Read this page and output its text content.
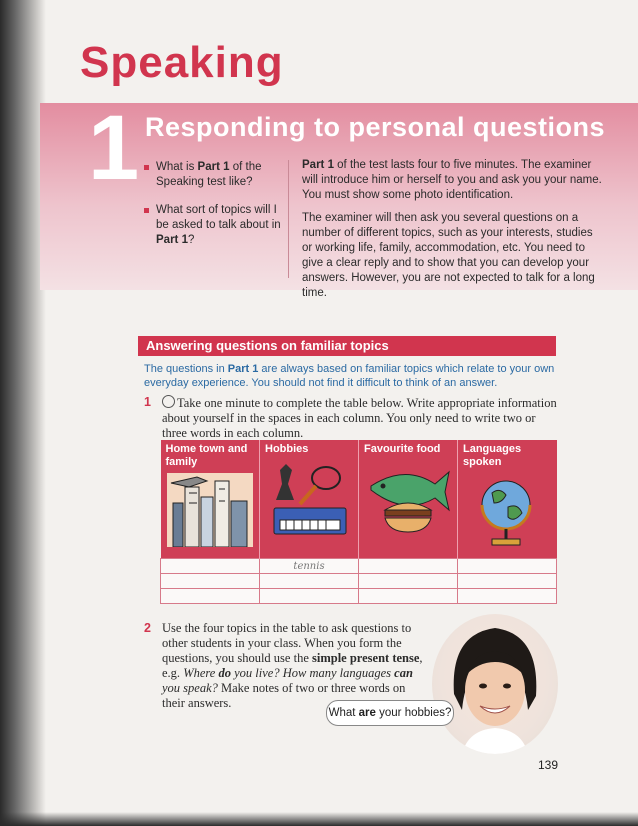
Speaking
1 Responding to personal questions
What is Part 1 of the Speaking test like?
What sort of topics will I be asked to talk about in Part 1?

Part 1 of the test lasts four to five minutes. The examiner will introduce him or herself to you and ask you your name. You must show some photo identification.

The examiner will then ask you several questions on a number of different topics, such as your interests, studies or working life, family, accommodation, etc. You need to give a clear reply and to show that you can develop your answers. However, you are not expected to talk for a long time.

Answering questions on familiar topics
The questions in Part 1 are always based on familiar topics which relate to your own everyday experience. You should not find it difficult to think of an answer.
1 Take one minute to complete the table below. Write appropriate information about yourself in the spaces in each column. You only need to write two or three words in each column.
Home town and family	Hobbies	Favourite food	Languages spoken

	tennis		

2 Use the four topics in the table to ask questions to other students in your class. When you form the questions, you should use the simple present tense, e.g. Where do you live? How many languages can you speak? Make notes of two or three words on their answers.
What are your hobbies?
139
